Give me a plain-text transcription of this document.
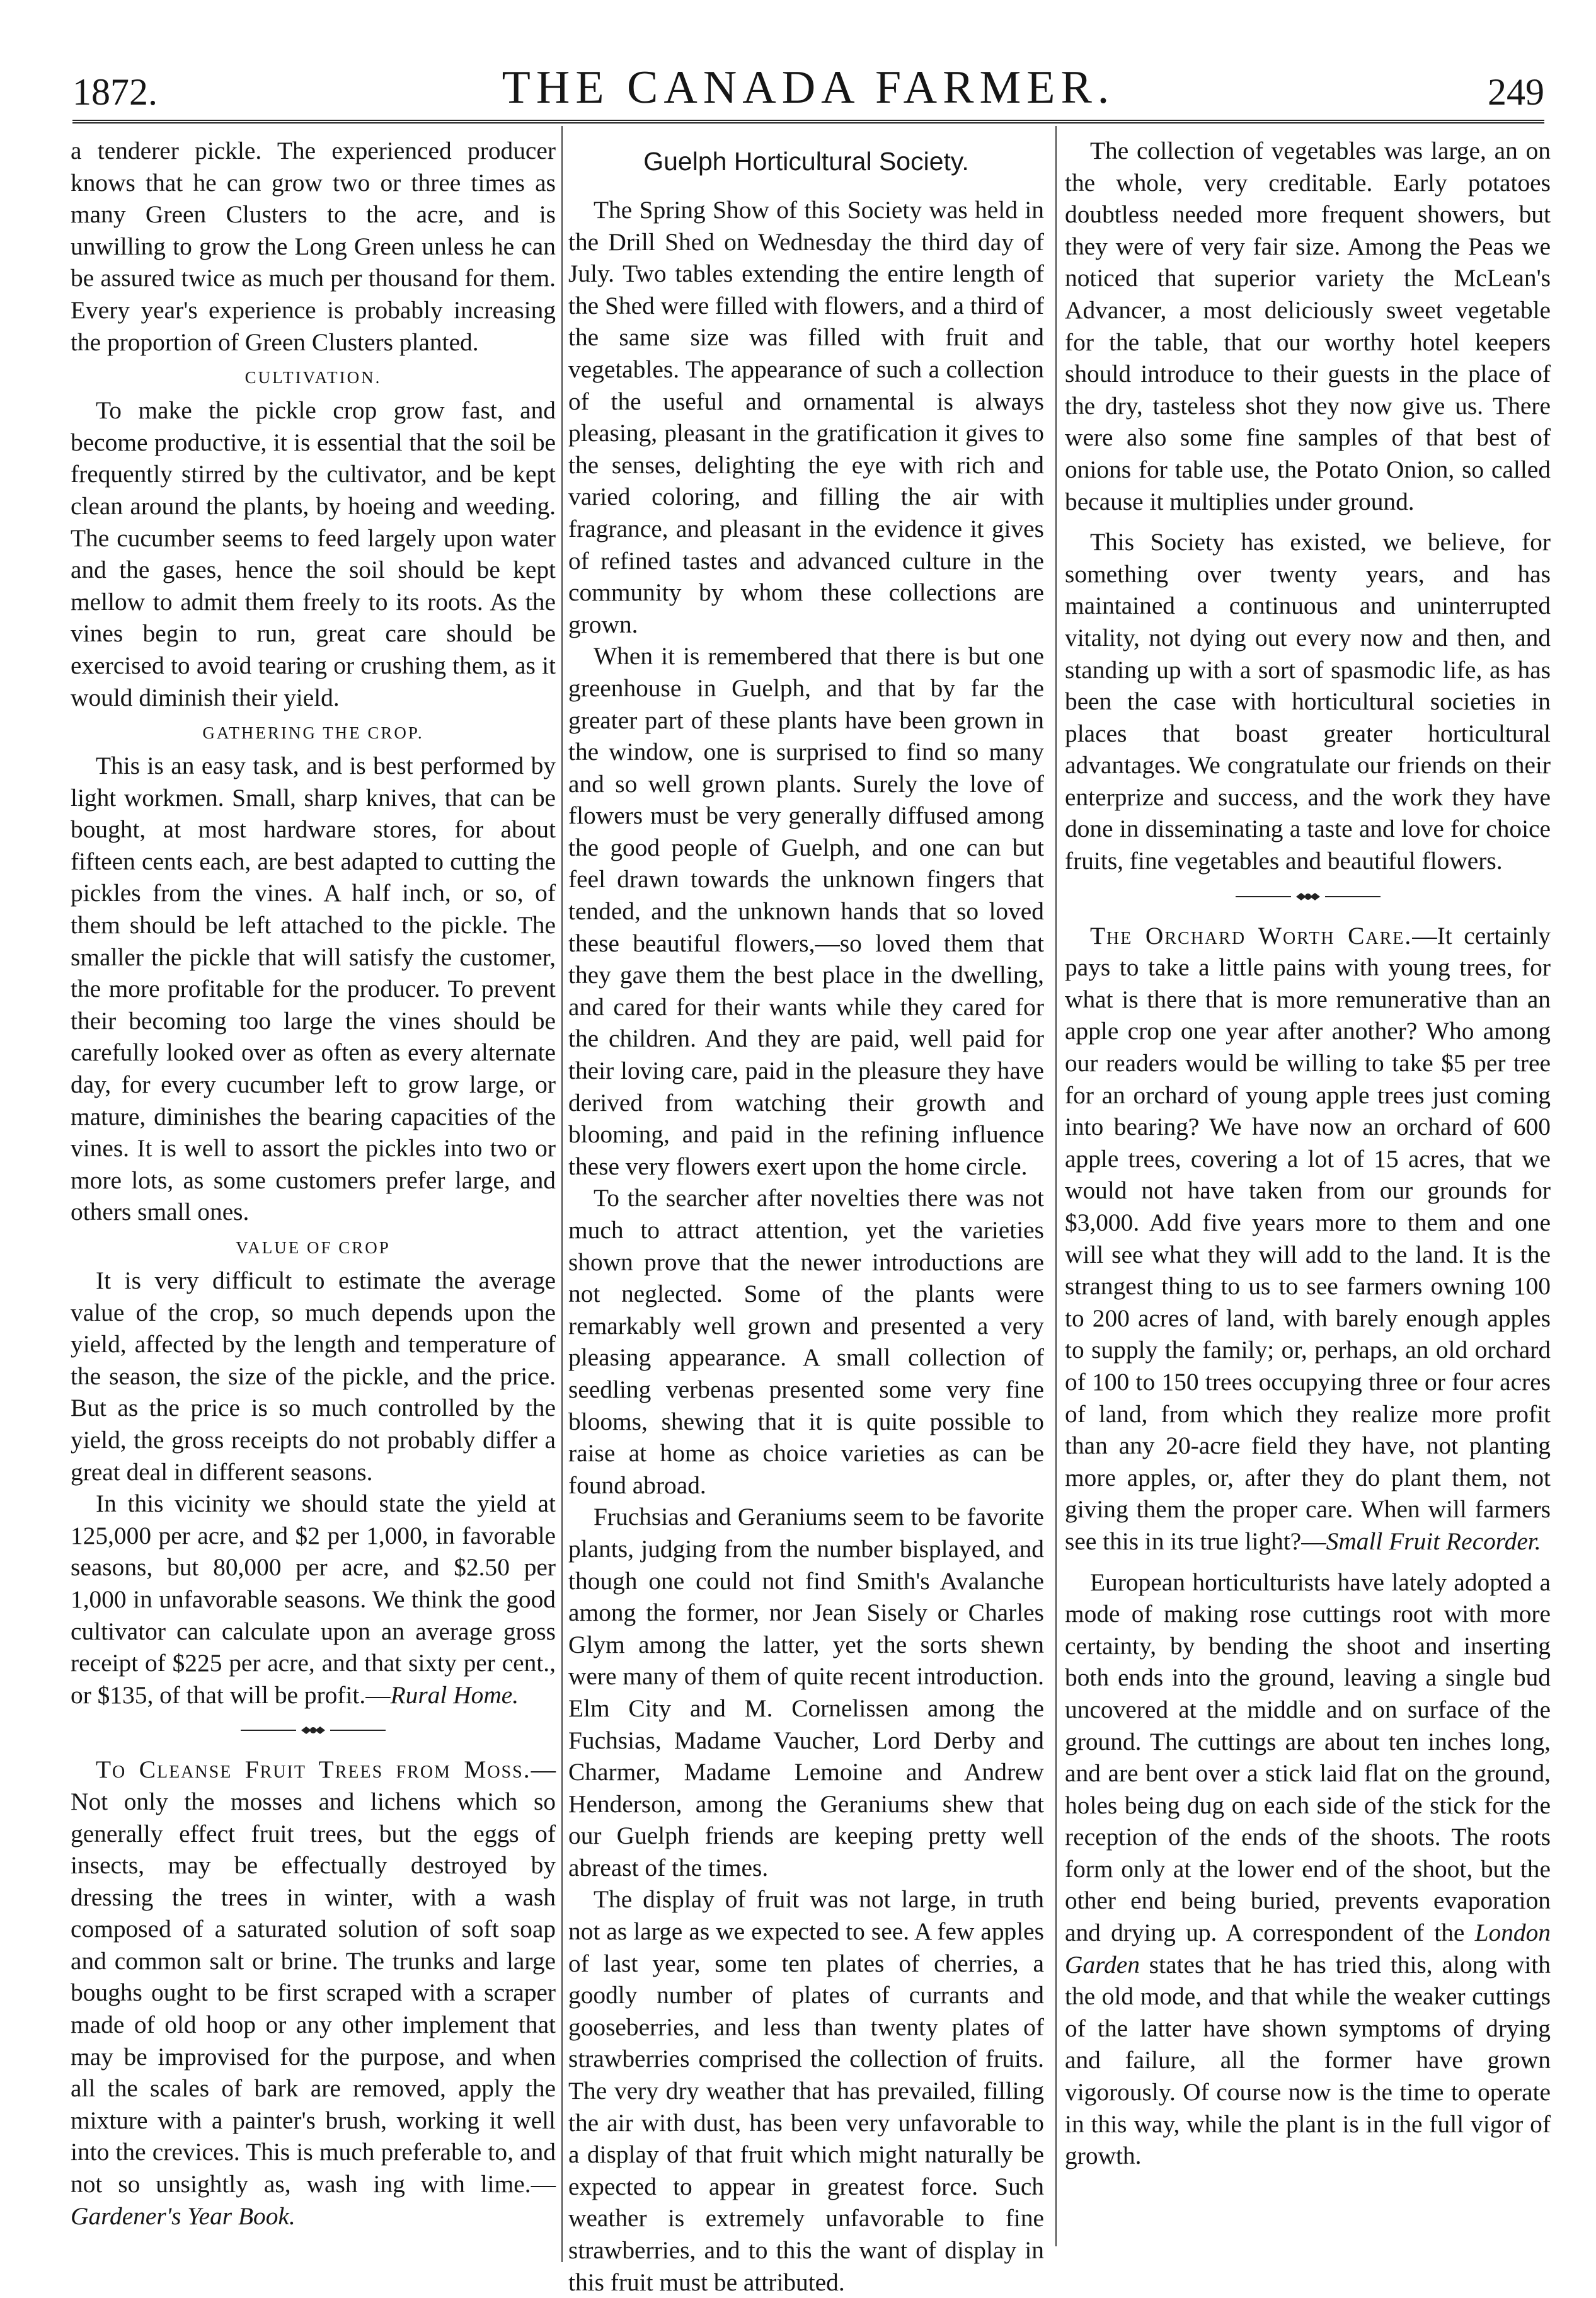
1872.	THE CANADA FARMER.	249

a tenderer pickle. The experienced producer knows that he can grow two or three times as many Green Clusters to the acre, and is unwilling to grow the Long Green unless he can be assured twice as much per thousand for them. Every year's experience is probably increasing the proportion of Green Clusters planted.

CULTIVATION.

To make the pickle crop grow fast, and become productive, it is essential that the soil be frequently stirred by the cultivator, and be kept clean around the plants, by hoeing and weeding. The cucumber seems to feed largely upon water and the gases, hence the soil should be kept mellow to admit them freely to its roots. As the vines begin to run, great care should be exercised to avoid tearing or crushing them, as it would diminish their yield.

GATHERING THE CROP.

This is an easy task, and is best performed by light workmen. Small, sharp knives, that can be bought, at most hardware stores, for about fifteen cents each, are best adapted to cutting the pickles from the vines. A half inch, or so, of them should be left attached to the pickle. The smaller the pickle that will satisfy the customer, the more profitable for the producer. To prevent their becoming too large the vines should be carefully looked over as often as every alternate day, for every cucumber left to grow large, or mature, diminishes the bearing capacities of the vines. It is well to assort the pickles into two or more lots, as some customers prefer large, and others small ones.

VALUE OF CROP

It is very difficult to estimate the average value of the crop, so much depends upon the yield, affected by the length and temperature of the season, the size of the pickle, and the price. But as the price is so much controlled by the yield, the gross receipts do not probably differ a great deal in different seasons.

In this vicinity we should state the yield at 125,000 per acre, and $2 per 1,000, in favorable seasons, but 80,000 per acre, and $2.50 per 1,000 in unfavorable seasons. We think the good cultivator can calculate upon an average gross receipt of $225 per acre, and that sixty per cent., or $135, of that will be profit.—Rural Home.

To Cleanse Fruit Trees from Moss.—Not only the mosses and lichens which so generally effect fruit trees, but the eggs of insects, may be effectually destroyed by dressing the trees in winter, with a wash composed of a saturated solution of soft soap and common salt or brine. The trunks and large boughs ought to be first scraped with a scraper made of old hoop or any other implement that may be improvised for the purpose, and when all the scales of bark are removed, apply the mixture with a painter's brush, working it well into the crevices. This is much preferable to, and not so unsightly as, wash ing with lime.—Gardener's Year Book.

Guelph Horticultural Society.

The Spring Show of this Society was held in the Drill Shed on Wednesday the third day of July. Two tables extending the entire length of the Shed were filled with flowers, and a third of the same size was filled with fruit and vegetables. The appearance of such a collection of the useful and ornamental is always pleasing, pleasant in the gratification it gives to the senses, delighting the eye with rich and varied coloring, and filling the air with fragrance, and pleasant in the evidence it gives of refined tastes and advanced culture in the community by whom these collections are grown.

When it is remembered that there is but one greenhouse in Guelph, and that by far the greater part of these plants have been grown in the window, one is surprised to find so many and so well grown plants. Surely the love of flowers must be very generally diffused among the good people of Guelph, and one can but feel drawn towards the unknown fingers that tended, and the unknown hands that so loved these beautiful flowers,—so loved them that they gave them the best place in the dwelling, and cared for their wants while they cared for the children. And they are paid, well paid for their loving care, paid in the pleasure they have derived from watching their growth and blooming, and paid in the refining influence these very flowers exert upon the home circle.

To the searcher after novelties there was not much to attract attention, yet the varieties shown prove that the newer introductions are not neglected. Some of the plants were remarkably well grown and presented a very pleasing appearance. A small collection of seedling verbenas presented some very fine blooms, shewing that it is quite possible to raise at home as choice varieties as can be found abroad.

Fruchsias and Geraniums seem to be favorite plants, judging from the number bisplayed, and though one could not find Smith's Avalanche among the former, nor Jean Sisely or Charles Glym among the latter, yet the sorts shewn were many of them of quite recent introduction. Elm City and M. Cornelissen among the Fuchsias, Madame Vaucher, Lord Derby and Charmer, Madame Lemoine and Andrew Henderson, among the Geraniums shew that our Guelph friends are keeping pretty well abreast of the times.

The display of fruit was not large, in truth not as large as we expected to see. A few apples of last year, some ten plates of cherries, a goodly number of plates of currants and gooseberries, and less than twenty plates of strawberries comprised the collection of fruits. The very dry weather that has prevailed, filling the air with dust, has been very unfavorable to a display of that fruit which might naturally be expected to appear in greatest force. Such weather is extremely unfavorable to fine strawberries, and to this the want of display in this fruit must be attributed.

The collection of vegetables was large, an on the whole, very creditable. Early potatoes doubtless needed more frequent showers, but they were of very fair size. Among the Peas we noticed that superior variety the McLean's Advancer, a most deliciously sweet vegetable for the table, that our worthy hotel keepers should introduce to their guests in the place of the dry, tasteless shot they now give us. There were also some fine samples of that best of onions for table use, the Potato Onion, so called because it multiplies under ground.

This Society has existed, we believe, for something over twenty years, and has maintained a continuous and uninterrupted vitality, not dying out every now and then, and standing up with a sort of spasmodic life, as has been the case with horticultural societies in places that boast greater horticultural advantages. We congratulate our friends on their enterprize and success, and the work they have done in disseminating a taste and love for choice fruits, fine vegetables and beautiful flowers.

The Orchard Worth Care.—It certainly pays to take a little pains with young trees, for what is there that is more remunerative than an apple crop one year after another? Who among our readers would be willing to take $5 per tree for an orchard of young apple trees just coming into bearing? We have now an orchard of 600 apple trees, covering a lot of 15 acres, that we would not have taken from our grounds for $3,000. Add five years more to them and one will see what they will add to the land. It is the strangest thing to us to see farmers owning 100 to 200 acres of land, with barely enough apples to supply the family; or, perhaps, an old orchard of 100 to 150 trees occupying three or four acres of land, from which they realize more profit than any 20-acre field they have, not planting more apples, or, after they do plant them, not giving them the proper care. When will farmers see this in its true light?—Small Fruit Recorder.

European horticulturists have lately adopted a mode of making rose cuttings root with more certainty, by bending the shoot and inserting both ends into the ground, leaving a single bud uncovered at the middle and on surface of the ground. The cuttings are about ten inches long, and are bent over a stick laid flat on the ground, holes being dug on each side of the stick for the reception of the ends of the shoots. The roots form only at the lower end of the shoot, but the other end being buried, prevents evaporation and drying up. A correspondent of the London Garden states that he has tried this, along with the old mode, and that while the weaker cuttings of the latter have shown symptoms of drying and failure, all the former have grown vigorously. Of course now is the time to operate in this way, while the plant is in the full vigor of growth.
